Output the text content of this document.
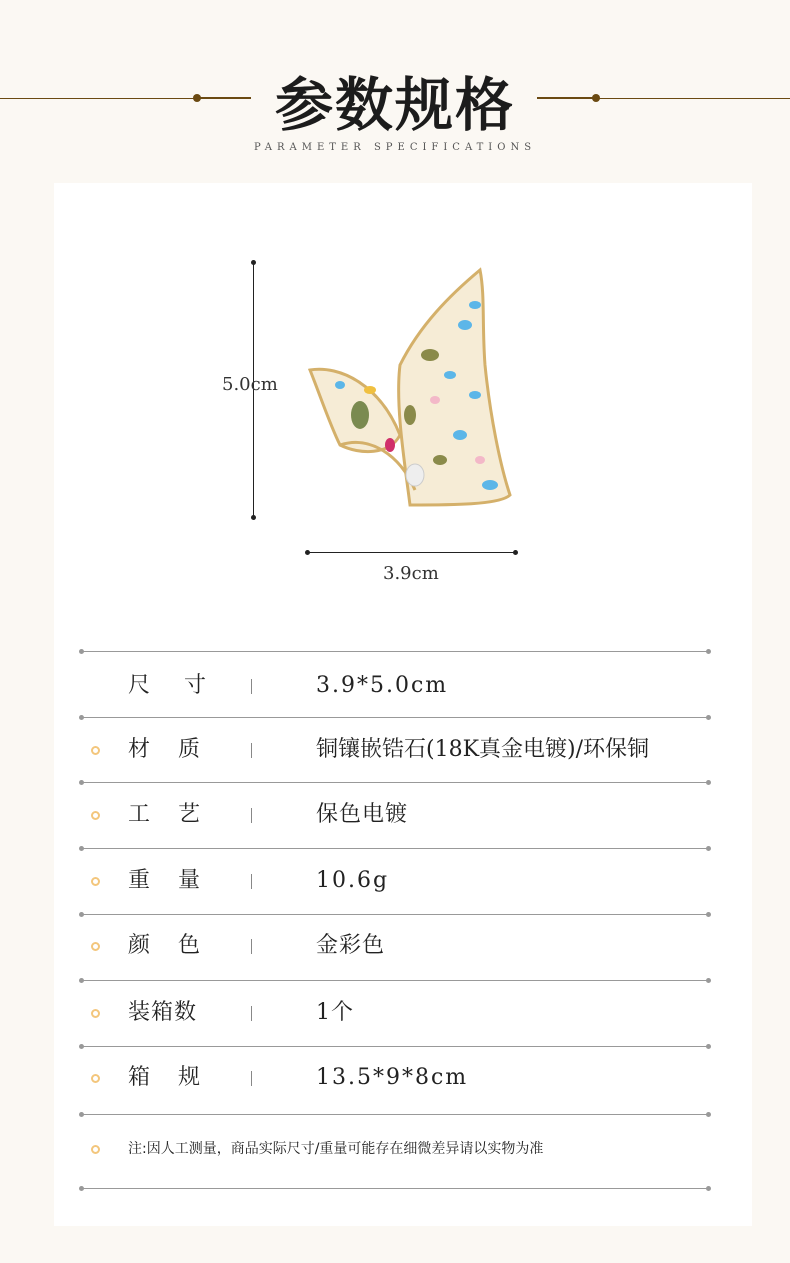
参数规格
PARAMETER SPECIFICATIONS
5.0cm
3.9cm
尺寸	3.9*5.0cm
材质	铜镶嵌锆石(18K真金电镀)/环保铜
工艺	保色电镀
重量	10.6g
颜色	金彩色
装箱数	1个
箱规	13.5*9*8cm
注:因人工测量，商品实际尺寸/重量可能存在细微差异请以实物为准
